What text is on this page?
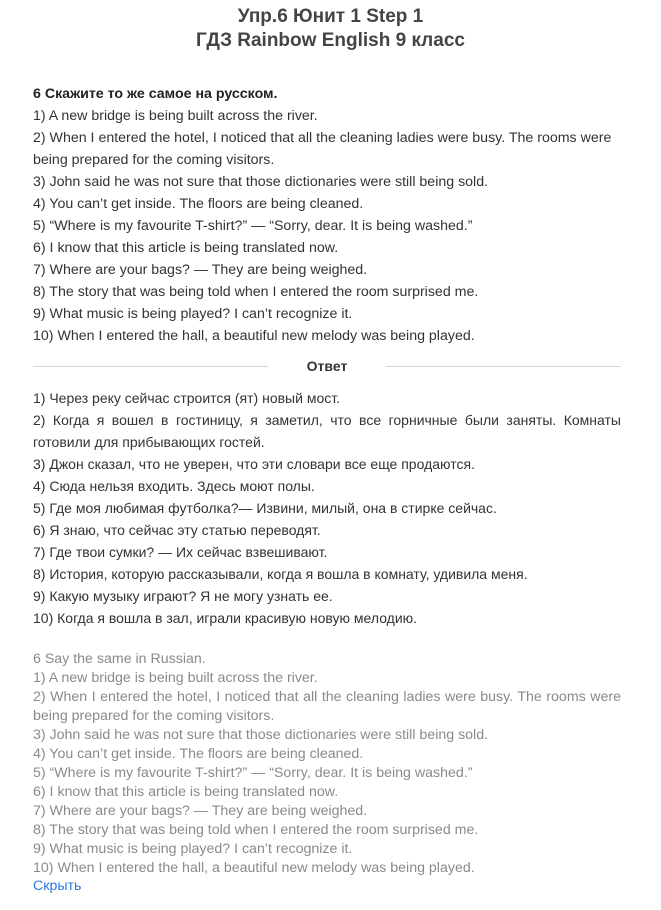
Упр.6 Юнит 1 Step 1
ГДЗ Rainbow English 9 класс

6 Скажите то же самое на русском.

1) A new bridge is being built across the river.

2) When I entered the hotel, I noticed that all the cleaning ladies were busy. The rooms were being prepared for the coming visitors.

3) John said he was not sure that those dictionaries were still being sold.

4) You can’t get inside. The floors are being cleaned.

5) “Where is my favourite T-shirt?” — “Sorry, dear. It is being washed.”

6) I know that this article is being translated now.

7) Where are your bags? — They are being weighed.

8) The story that was being told when I entered the room surprised me.

9) What music is being played? I can’t recognize it.

10) When I entered the hall, a beautiful new melody was being played.

Ответ

1) Через реку сейчас строится (ят) новый мост.

2) Когда я вошел в гостиницу, я заметил, что все горничные были заняты. Комнаты готовили для прибывающих гостей.

3) Джон сказал, что не уверен, что эти словари все еще продаются.

4) Сюда нельзя входить. Здесь моют полы.

5) Где моя любимая футболка?— Извини, милый, она в стирке сейчас.

6) Я знаю, что сейчас эту статью переводят.

7) Где твои сумки? — Их сейчас взвешивают.

8) История, которую рассказывали, когда я вошла в комнату, удивила меня.

9) Какую музыку играют? Я не могу узнать ее.

10) Когда я вошла в зал, играли красивую новую мелодию.

6 Say the same in Russian.

1) A new bridge is being built across the river.

2) When I entered the hotel, I noticed that all the cleaning ladies were busy. The rooms were being prepared for the coming visitors.

3) John said he was not sure that those dictionaries were still being sold.

4) You can’t get inside. The floors are being cleaned.

5) “Where is my favourite T-shirt?” — “Sorry, dear. It is being washed.”

6) I know that this article is being translated now.

7) Where are your bags? — They are being weighed.

8) The story that was being told when I entered the room surprised me.

9) What music is being played? I can’t recognize it.

10) When I entered the hall, a beautiful new melody was being played.

Скрыть
